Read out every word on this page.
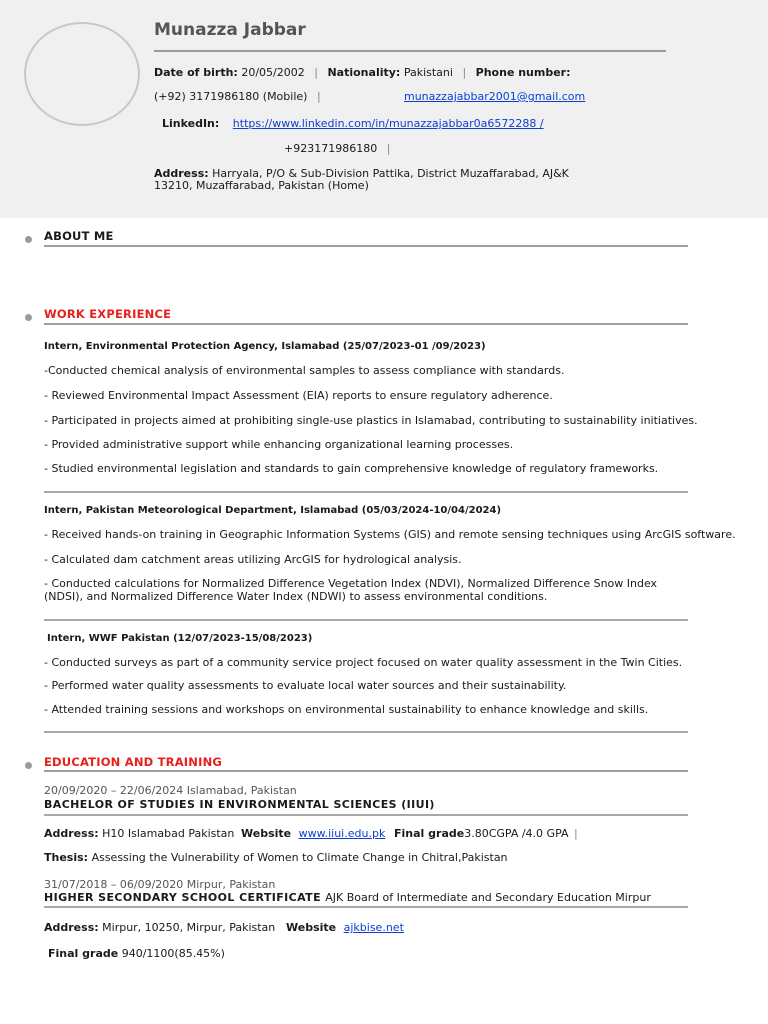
Munazza Jabbar
Date of birth: 20/05/2002 | Nationality: Pakistani | Phone number:
(+92) 3171986180 (Mobile) |	munazzajabbar2001@gmail.com
LinkedIn: https://www.linkedin.com/in/munazzajabbar0a6572288 /
+923171986180 |
Address: Harryala, P/O & Sub-Division Pattika, District Muzaffarabad, AJ&K 13210, Muzaffarabad, Pakistan (Home)
ABOUT ME
WORK EXPERIENCE
Intern, Environmental Protection Agency, Islamabad (25/07/2023-01 /09/2023)
-Conducted chemical analysis of environmental samples to assess compliance with standards.
- Reviewed Environmental Impact Assessment (EIA) reports to ensure regulatory adherence.
- Participated in projects aimed at prohibiting single-use plastics in Islamabad, contributing to sustainability initiatives.
- Provided administrative support while enhancing organizational learning processes.
- Studied environmental legislation and standards to gain comprehensive knowledge of regulatory frameworks.
Intern, Pakistan Meteorological Department, Islamabad (05/03/2024-10/04/2024)
- Received hands-on training in Geographic Information Systems (GIS) and remote sensing techniques using ArcGIS software.
- Calculated dam catchment areas utilizing ArcGIS for hydrological analysis.
- Conducted calculations for Normalized Difference Vegetation Index (NDVI), Normalized Difference Snow Index (NDSI), and Normalized Difference Water Index (NDWI) to assess environmental conditions.
Intern, WWF Pakistan (12/07/2023-15/08/2023)
- Conducted surveys as part of a community service project focused on water quality assessment in the Twin Cities.
- Performed water quality assessments to evaluate local water sources and their sustainability.
- Attended training sessions and workshops on environmental sustainability to enhance knowledge and skills.
EDUCATION AND TRAINING
20/09/2020 – 22/06/2024 Islamabad, Pakistan
BACHELOR OF STUDIES IN ENVIRONMENTAL SCIENCES (IIUI)
Address: H10 Islamabad Pakistan Website www.iiui.edu.pk Final grade3.80CGPA /4.0 GPA |
Thesis: Assessing the Vulnerability of Women to Climate Change in Chitral,Pakistan
31/07/2018 – 06/09/2020 Mirpur, Pakistan
HIGHER SECONDARY SCHOOL CERTIFICATE AJK Board of Intermediate and Secondary Education Mirpur
Address: Mirpur, 10250, Mirpur, Pakistan Website ajkbise.net
Final grade 940/1100(85.45%)
